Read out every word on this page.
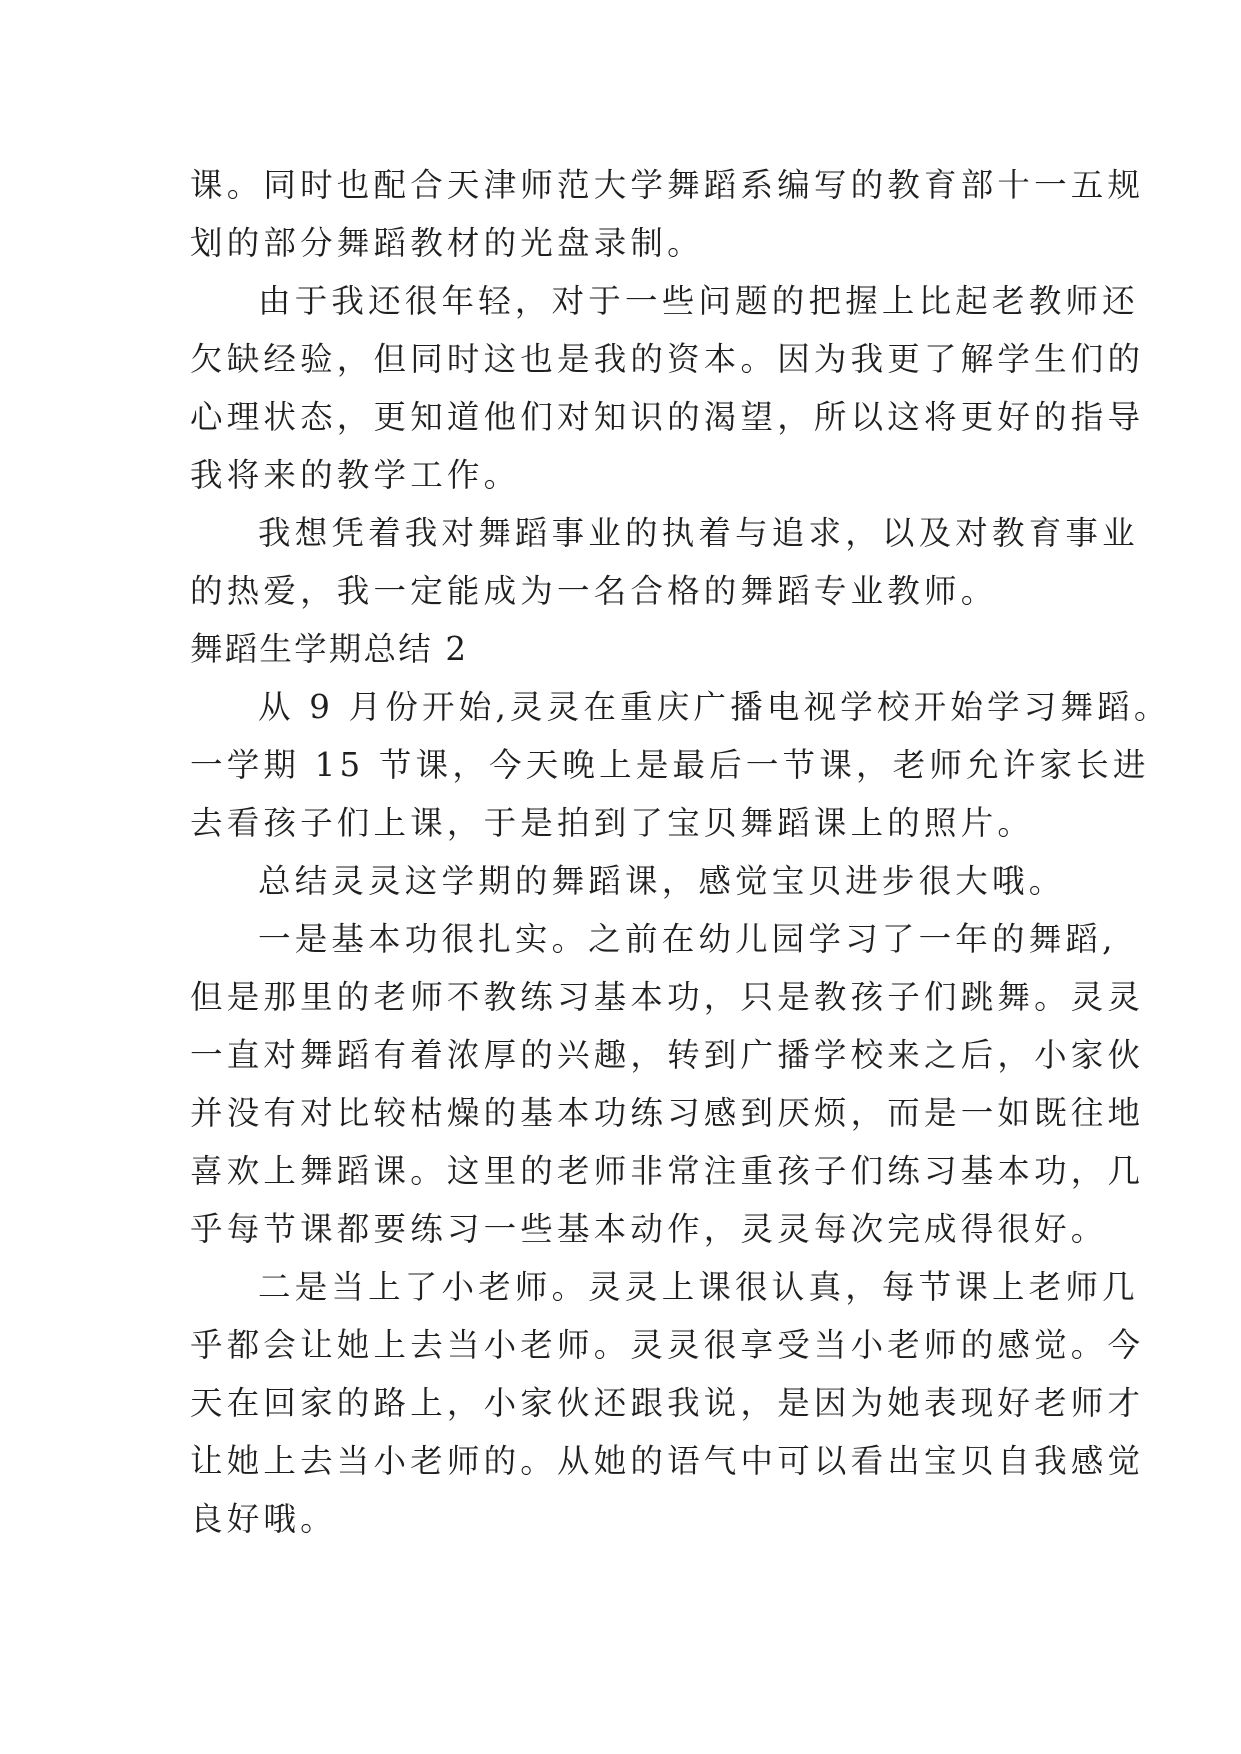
课。同时也配合天津师范大学舞蹈系编写的教育部十一五规
划的部分舞蹈教材的光盘录制。
由于我还很年轻，对于一些问题的把握上比起老教师还
欠缺经验，但同时这也是我的资本。因为我更了解学生们的
心理状态，更知道他们对知识的渴望，所以这将更好的指导
我将来的教学工作。
我想凭着我对舞蹈事业的执着与追求，以及对教育事业
的热爱，我一定能成为一名合格的舞蹈专业教师。
舞蹈生学期总结 2
从 9 月份开始,灵灵在重庆广播电视学校开始学习舞蹈。
一学期 15 节课，今天晚上是最后一节课，老师允许家长进
去看孩子们上课，于是拍到了宝贝舞蹈课上的照片。
总结灵灵这学期的舞蹈课，感觉宝贝进步很大哦。
一是基本功很扎实。之前在幼儿园学习了一年的舞蹈,
但是那里的老师不教练习基本功，只是教孩子们跳舞。灵灵
一直对舞蹈有着浓厚的兴趣，转到广播学校来之后，小家伙
并没有对比较枯燥的基本功练习感到厌烦，而是一如既往地
喜欢上舞蹈课。这里的老师非常注重孩子们练习基本功，几
乎每节课都要练习一些基本动作，灵灵每次完成得很好。
二是当上了小老师。灵灵上课很认真，每节课上老师几
乎都会让她上去当小老师。灵灵很享受当小老师的感觉。今
天在回家的路上，小家伙还跟我说，是因为她表现好老师才
让她上去当小老师的。从她的语气中可以看出宝贝自我感觉
良好哦。
